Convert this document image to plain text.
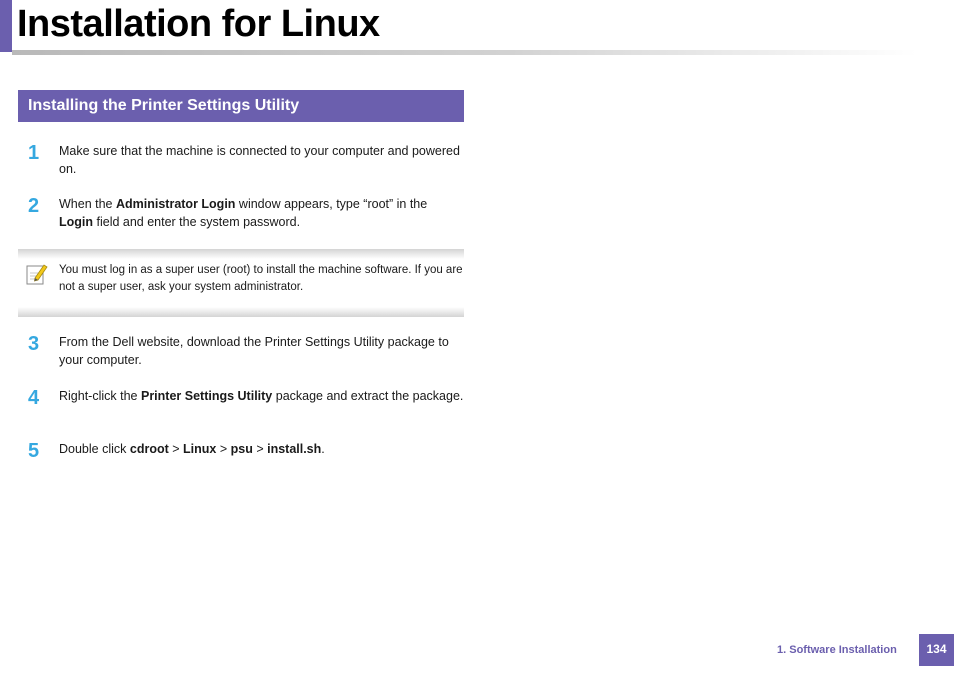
Installation for Linux
Installing the Printer Settings Utility
1 Make sure that the machine is connected to your computer and powered on.
2 When the Administrator Login window appears, type “root” in the Login field and enter the system password.
You must log in as a super user (root) to install the machine software. If you are not a super user, ask your system administrator.
3 From the Dell website, download the Printer Settings Utility package to your computer.
4 Right-click the Printer Settings Utility package and extract the package.
5 Double click cdroot > Linux > psu > install.sh.
1. Software Installation	134
